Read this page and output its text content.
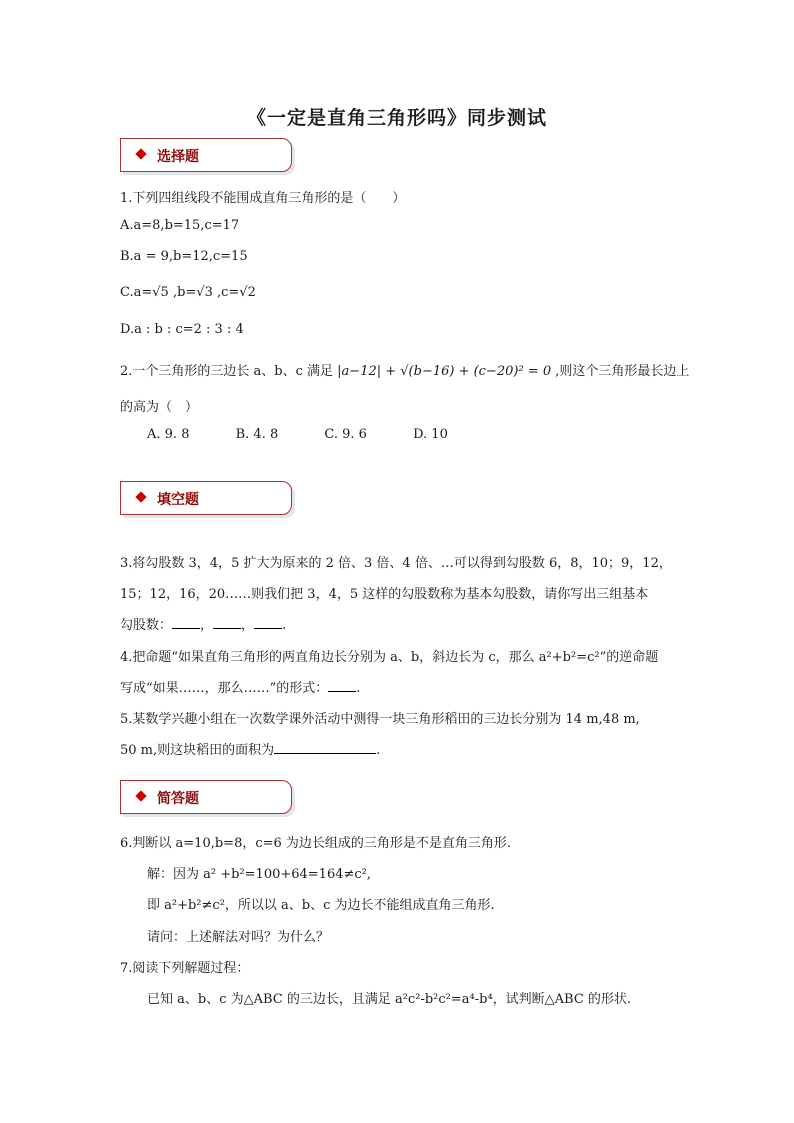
《一定是直角三角形吗》同步测试
选择题
1.下列四组线段不能围成直角三角形的是（　　）
A.a=8,b=15,c=17
B.a = 9,b=12,c=15
C.a=√5 ,b=√3 ,c=√2
D.a : b : c=2 : 3 : 4
2.一个三角形的三边长 a、b、c 满足 |a−12| + √(b−16) + (c−20)² = 0 ,则这个三角形最长边上
的高为（　）
A. 9. 8	B. 4. 8	C. 9. 6	D. 10
填空题
3.将勾股数 3，4，5 扩大为原来的 2 倍、3 倍、4 倍、…可以得到勾股数 6，8，10；9，12，
15；12，16，20……则我们把 3，4，5 这样的勾股数称为基本勾股数，请你写出三组基本
勾股数： ， ， .
4.把命题“如果直角三角形的两直角边长分别为 a、b，斜边长为 c，那么 a²+b²=c²”的逆命题
写成“如果……，那么……”的形式： .
5.某数学兴趣小组在一次数学课外活动中测得一块三角形稻田的三边长分别为 14 m,48 m,
50 m,则这块稻田的面积为	.
简答题
6.判断以 a=10,b=8，c=6 为边长组成的三角形是不是直角三角形.
解：因为 a² +b²=100+64=164≠c²,
即 a²+b²≠c²，所以以 a、b、c 为边长不能组成直角三角形.
请问：上述解法对吗？为什么？
7.阅读下列解题过程：
已知 a、b、c 为△ABC 的三边长，且满足 a²c²-b²c²=a⁴-b⁴，试判断△ABC 的形状.
